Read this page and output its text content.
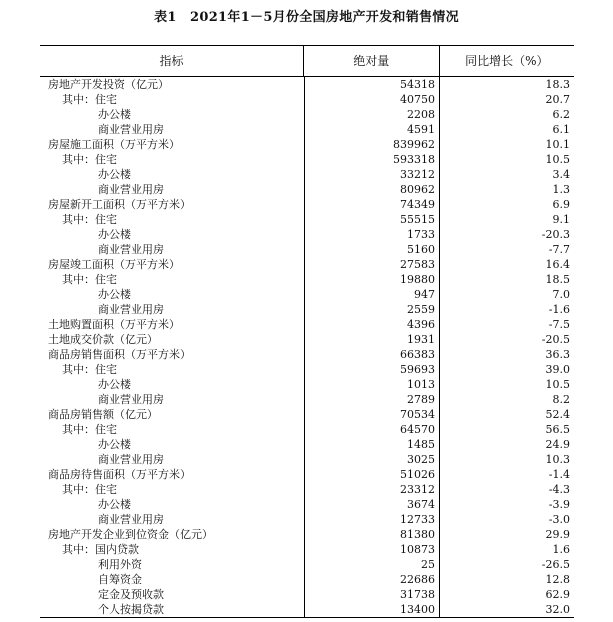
表1　2021年1－5月份全国房地产开发和销售情况
指标	绝对量	同比增长（%）
房地产开发投资（亿元）	54318	18.3
其中：住宅	40750	20.7
办公楼	2208	6.2
商业营业用房	4591	6.1
房屋施工面积（万平方米）	839962	10.1
其中：住宅	593318	10.5
办公楼	33212	3.4
商业营业用房	80962	1.3
房屋新开工面积（万平方米）	74349	6.9
其中：住宅	55515	9.1
办公楼	1733	-20.3
商业营业用房	5160	-7.7
房屋竣工面积（万平方米）	27583	16.4
其中：住宅	19880	18.5
办公楼	947	7.0
商业营业用房	2559	-1.6
土地购置面积（万平方米）	4396	-7.5
土地成交价款（亿元）	1931	-20.5
商品房销售面积（万平方米）	66383	36.3
其中：住宅	59693	39.0
办公楼	1013	10.5
商业营业用房	2789	8.2
商品房销售额（亿元）	70534	52.4
其中：住宅	64570	56.5
办公楼	1485	24.9
商业营业用房	3025	10.3
商品房待售面积（万平方米）	51026	-1.4
其中：住宅	23312	-4.3
办公楼	3674	-3.9
商业营业用房	12733	-3.0
房地产开发企业到位资金（亿元）	81380	29.9
其中：国内贷款	10873	1.6
利用外资	25	-26.5
自筹资金	22686	12.8
定金及预收款	31738	62.9
个人按揭贷款	13400	32.0
